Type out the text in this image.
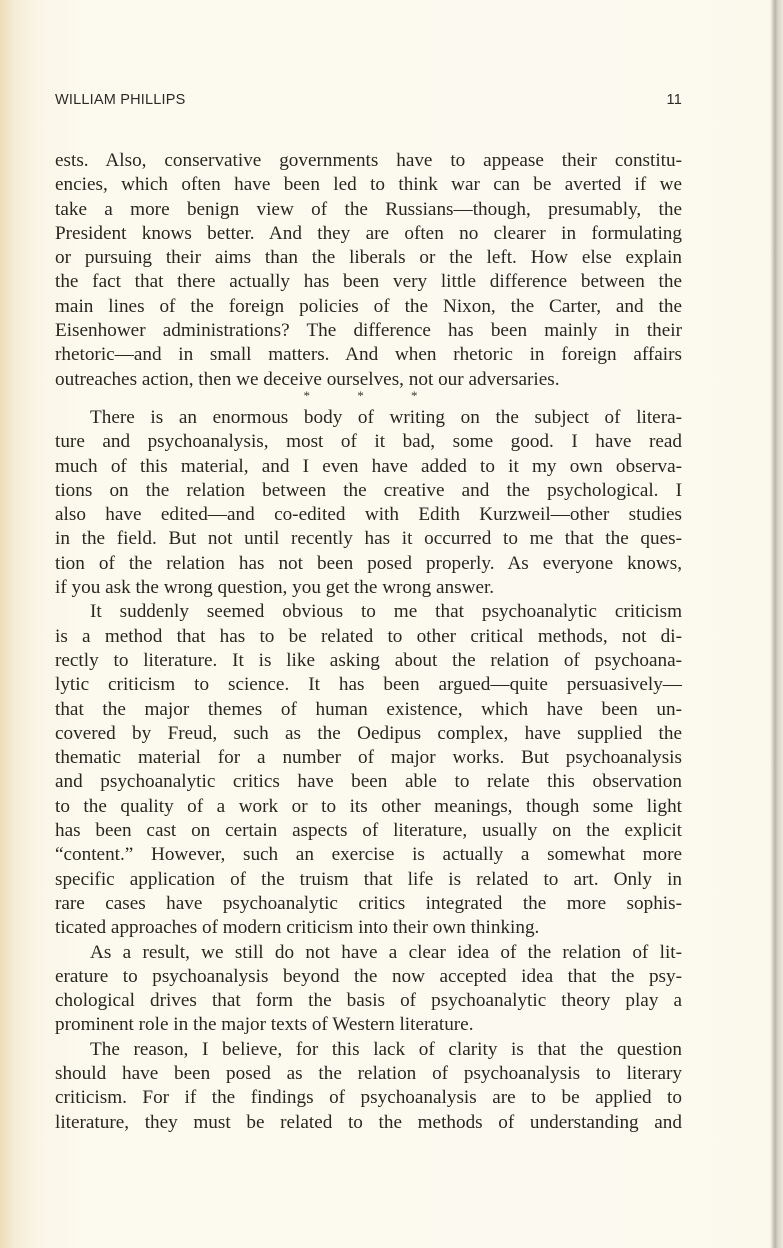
WILLIAM PHILLIPS	11
ests. Also, conservative governments have to appease their constitu-
encies, which often have been led to think war can be averted if we
take a more benign view of the Russians—though, presumably, the
President knows better. And they are often no clearer in formulating
or pursuing their aims than the liberals or the left. How else explain
the fact that there actually has been very little difference between the
main lines of the foreign policies of the Nixon, the Carter, and the
Eisenhower administrations? The difference has been mainly in their
rhetoric—and in small matters. And when rhetoric in foreign affairs
outreaches action, then we deceive ourselves, not our adversaries.
* * *
There is an enormous body of writing on the subject of litera-
ture and psychoanalysis, most of it bad, some good. I have read
much of this material, and I even have added to it my own observa-
tions on the relation between the creative and the psychological. I
also have edited—and co-edited with Edith Kurzweil—other studies
in the field. But not until recently has it occurred to me that the ques-
tion of the relation has not been posed properly. As everyone knows,
if you ask the wrong question, you get the wrong answer.
It suddenly seemed obvious to me that psychoanalytic criticism
is a method that has to be related to other critical methods, not di-
rectly to literature. It is like asking about the relation of psychoana-
lytic criticism to science. It has been argued—quite persuasively—
that the major themes of human existence, which have been un-
covered by Freud, such as the Oedipus complex, have supplied the
thematic material for a number of major works. But psychoanalysis
and psychoanalytic critics have been able to relate this observation
to the quality of a work or to its other meanings, though some light
has been cast on certain aspects of literature, usually on the explicit
“content.” However, such an exercise is actually a somewhat more
specific application of the truism that life is related to art. Only in
rare cases have psychoanalytic critics integrated the more sophis-
ticated approaches of modern criticism into their own thinking.
As a result, we still do not have a clear idea of the relation of lit-
erature to psychoanalysis beyond the now accepted idea that the psy-
chological drives that form the basis of psychoanalytic theory play a
prominent role in the major texts of Western literature.
The reason, I believe, for this lack of clarity is that the question
should have been posed as the relation of psychoanalysis to literary
criticism. For if the findings of psychoanalysis are to be applied to
literature, they must be related to the methods of understanding and
